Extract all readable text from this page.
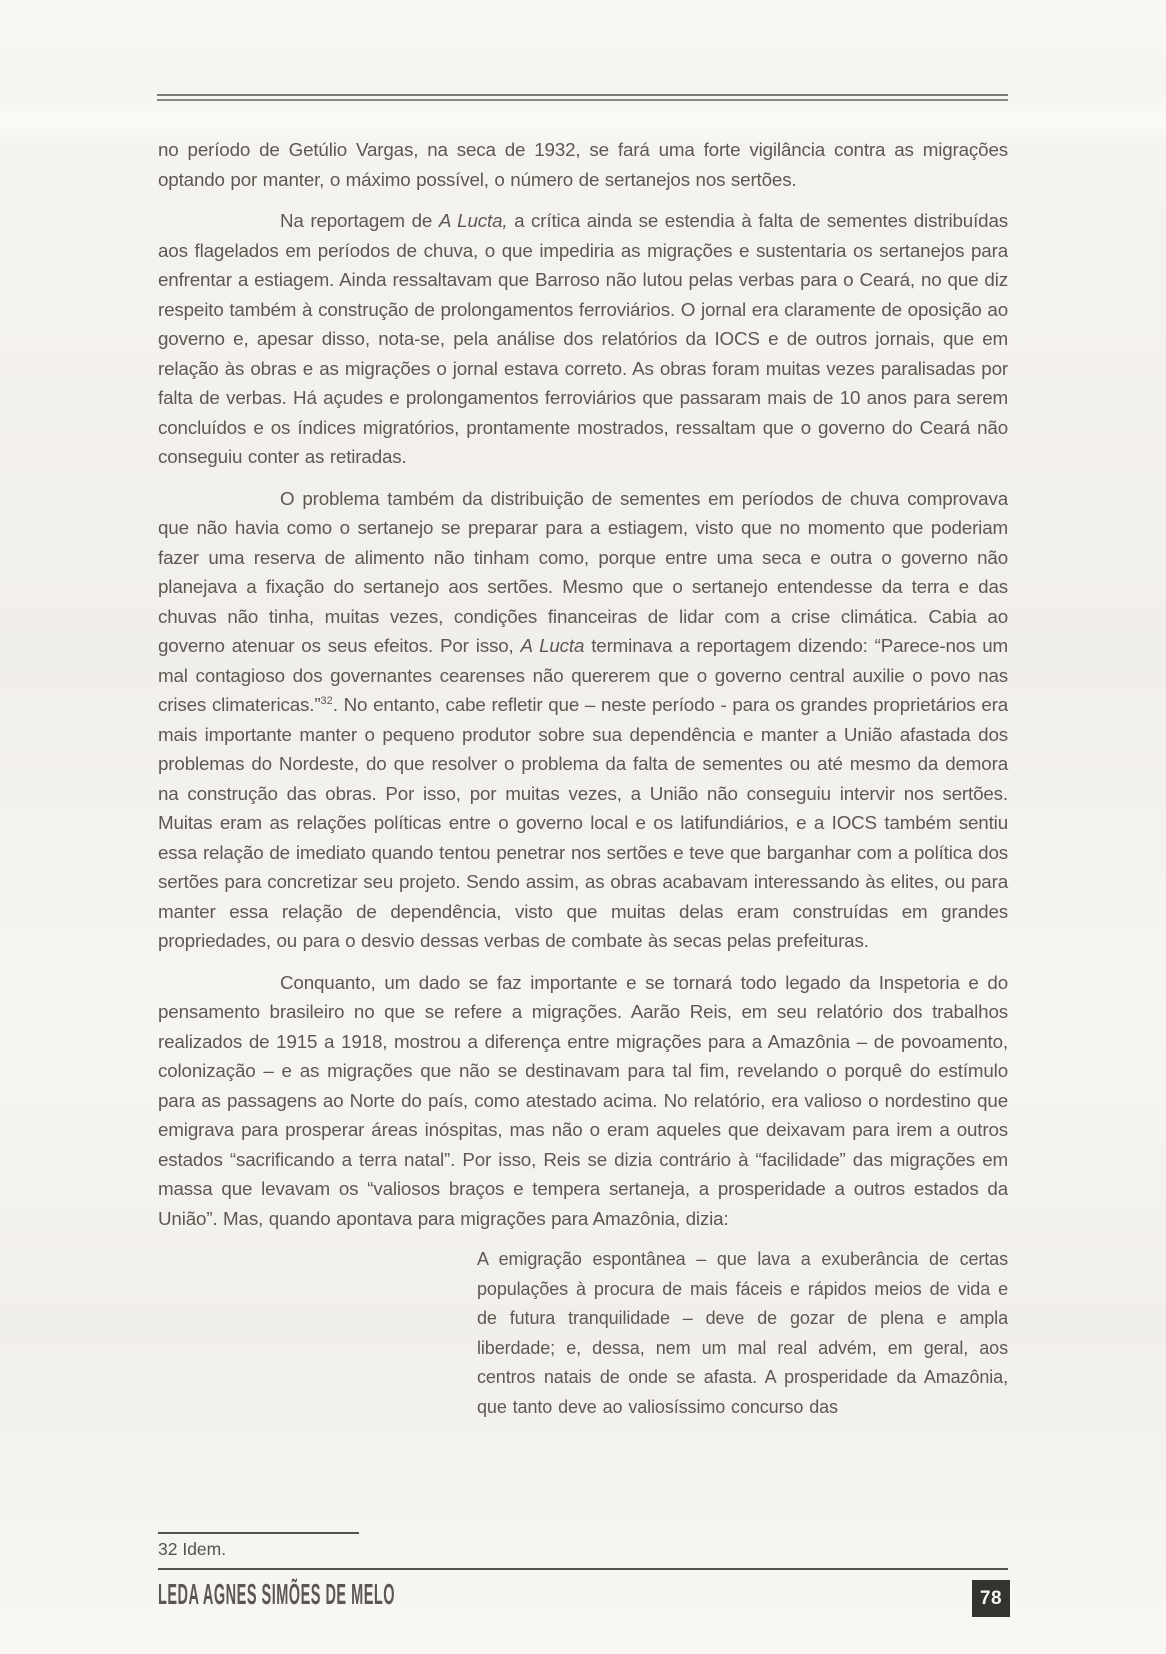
no período de Getúlio Vargas, na seca de 1932, se fará uma forte vigilância contra as migrações optando por manter, o máximo possível, o número de sertanejos nos sertões.

Na reportagem de A Lucta, a crítica ainda se estendia à falta de sementes distribuídas aos flagelados em períodos de chuva, o que impediria as migrações e sustentaria os sertanejos para enfrentar a estiagem. Ainda ressaltavam que Barroso não lutou pelas verbas para o Ceará, no que diz respeito também à construção de prolongamentos ferroviários. O jornal era claramente de oposição ao governo e, apesar disso, nota-se, pela análise dos relatórios da IOCS e de outros jornais, que em relação às obras e as migrações o jornal estava correto. As obras foram muitas vezes paralisadas por falta de verbas. Há açudes e prolongamentos ferroviários que passaram mais de 10 anos para serem concluídos e os índices migratórios, prontamente mostrados, ressaltam que o governo do Ceará não conseguiu conter as retiradas.

O problema também da distribuição de sementes em períodos de chuva comprovava que não havia como o sertanejo se preparar para a estiagem, visto que no momento que poderiam fazer uma reserva de alimento não tinham como, porque entre uma seca e outra o governo não planejava a fixação do sertanejo aos sertões. Mesmo que o sertanejo entendesse da terra e das chuvas não tinha, muitas vezes, condições financeiras de lidar com a crise climática. Cabia ao governo atenuar os seus efeitos. Por isso, A Lucta terminava a reportagem dizendo: “Parece-nos um mal contagioso dos governantes cearenses não quererem que o governo central auxilie o povo nas crises climatericas.”$^{32}$. No entanto, cabe refletir que – neste período - para os grandes proprietários era mais importante manter o pequeno produtor sobre sua dependência e manter a União afastada dos problemas do Nordeste, do que resolver o problema da falta de sementes ou até mesmo da demora na construção das obras. Por isso, por muitas vezes, a União não conseguiu intervir nos sertões. Muitas eram as relações políticas entre o governo local e os latifundiários, e a IOCS também sentiu essa relação de imediato quando tentou penetrar nos sertões e teve que barganhar com a política dos sertões para concretizar seu projeto. Sendo assim, as obras acabavam interessando às elites, ou para manter essa relação de dependência, visto que muitas delas eram construídas em grandes propriedades, ou para o desvio dessas verbas de combate às secas pelas prefeituras.

Conquanto, um dado se faz importante e se tornará todo legado da Inspetoria e do pensamento brasileiro no que se refere a migrações. Aarão Reis, em seu relatório dos trabalhos realizados de 1915 a 1918, mostrou a diferença entre migrações para a Amazônia – de povoamento, colonização – e as migrações que não se destinavam para tal fim, revelando o porquê do estímulo para as passagens ao Norte do país, como atestado acima. No relatório, era valioso o nordestino que emigrava para prosperar áreas inóspitas, mas não o eram aqueles que deixavam para irem a outros estados “sacrificando a terra natal”. Por isso, Reis se dizia contrário à “facilidade” das migrações em massa que levavam os “valiosos braços e tempera sertaneja, a prosperidade a outros estados da União”. Mas, quando apontava para migrações para Amazônia, dizia:

A emigração espontânea – que lava a exuberância de certas populações à procura de mais fáceis e rápidos meios de vida e de futura tranquilidade – deve de gozar de plena e ampla liberdade; e, dessa, nem um mal real advém, em geral, aos centros natais de onde se afasta. A prosperidade da Amazônia, que tanto deve ao valiosíssimo concurso das

32 Idem.
LEDA AGNES SIMÕES DE MELO	78
